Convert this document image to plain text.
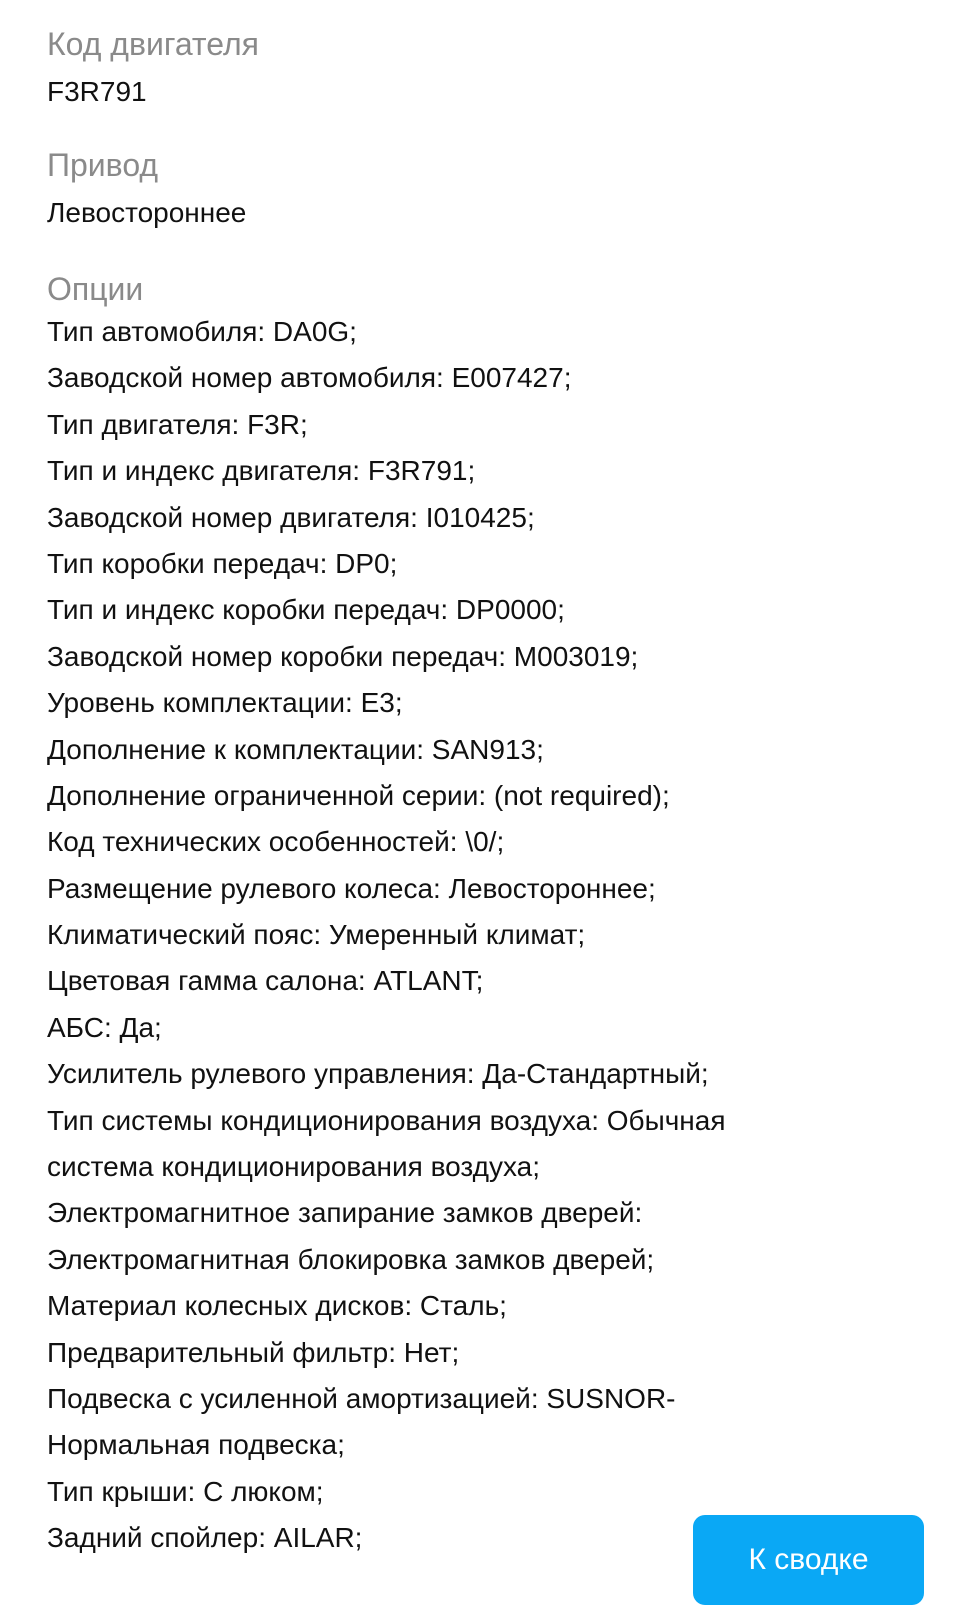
Код двигателя
F3R791
Привод
Левостороннее
Опции
Тип автомобиля: DA0G;
Заводской номер автомобиля: E007427;
Тип двигателя: F3R;
Тип и индекс двигателя: F3R791;
Заводской номер двигателя: I010425;
Тип коробки передач: DP0;
Тип и индекс коробки передач: DP0000;
Заводской номер коробки передач: M003019;
Уровень комплектации: E3;
Дополнение к комплектации: SAN913;
Дополнение ограниченной серии: (not required);
Код технических особенностей: \0/;
Размещение рулевого колеса: Левостороннее;
Климатический пояс: Умеренный климат;
Цветовая гамма салона: ATLANT;
АБС: Да;
Усилитель рулевого управления: Да-Стандартный;
Тип системы кондиционирования воздуха: Обычная
система кондиционирования воздуха;
Электромагнитное запирание замков дверей:
Электромагнитная блокировка замков дверей;
Материал колесных дисков: Сталь;
Предварительный фильтр: Нет;
Подвеска с усиленной амортизацией: SUSNOR-
Нормальная подвеска;
Тип крыши: С люком;
Задний спойлер: AILAR;
К сводке
